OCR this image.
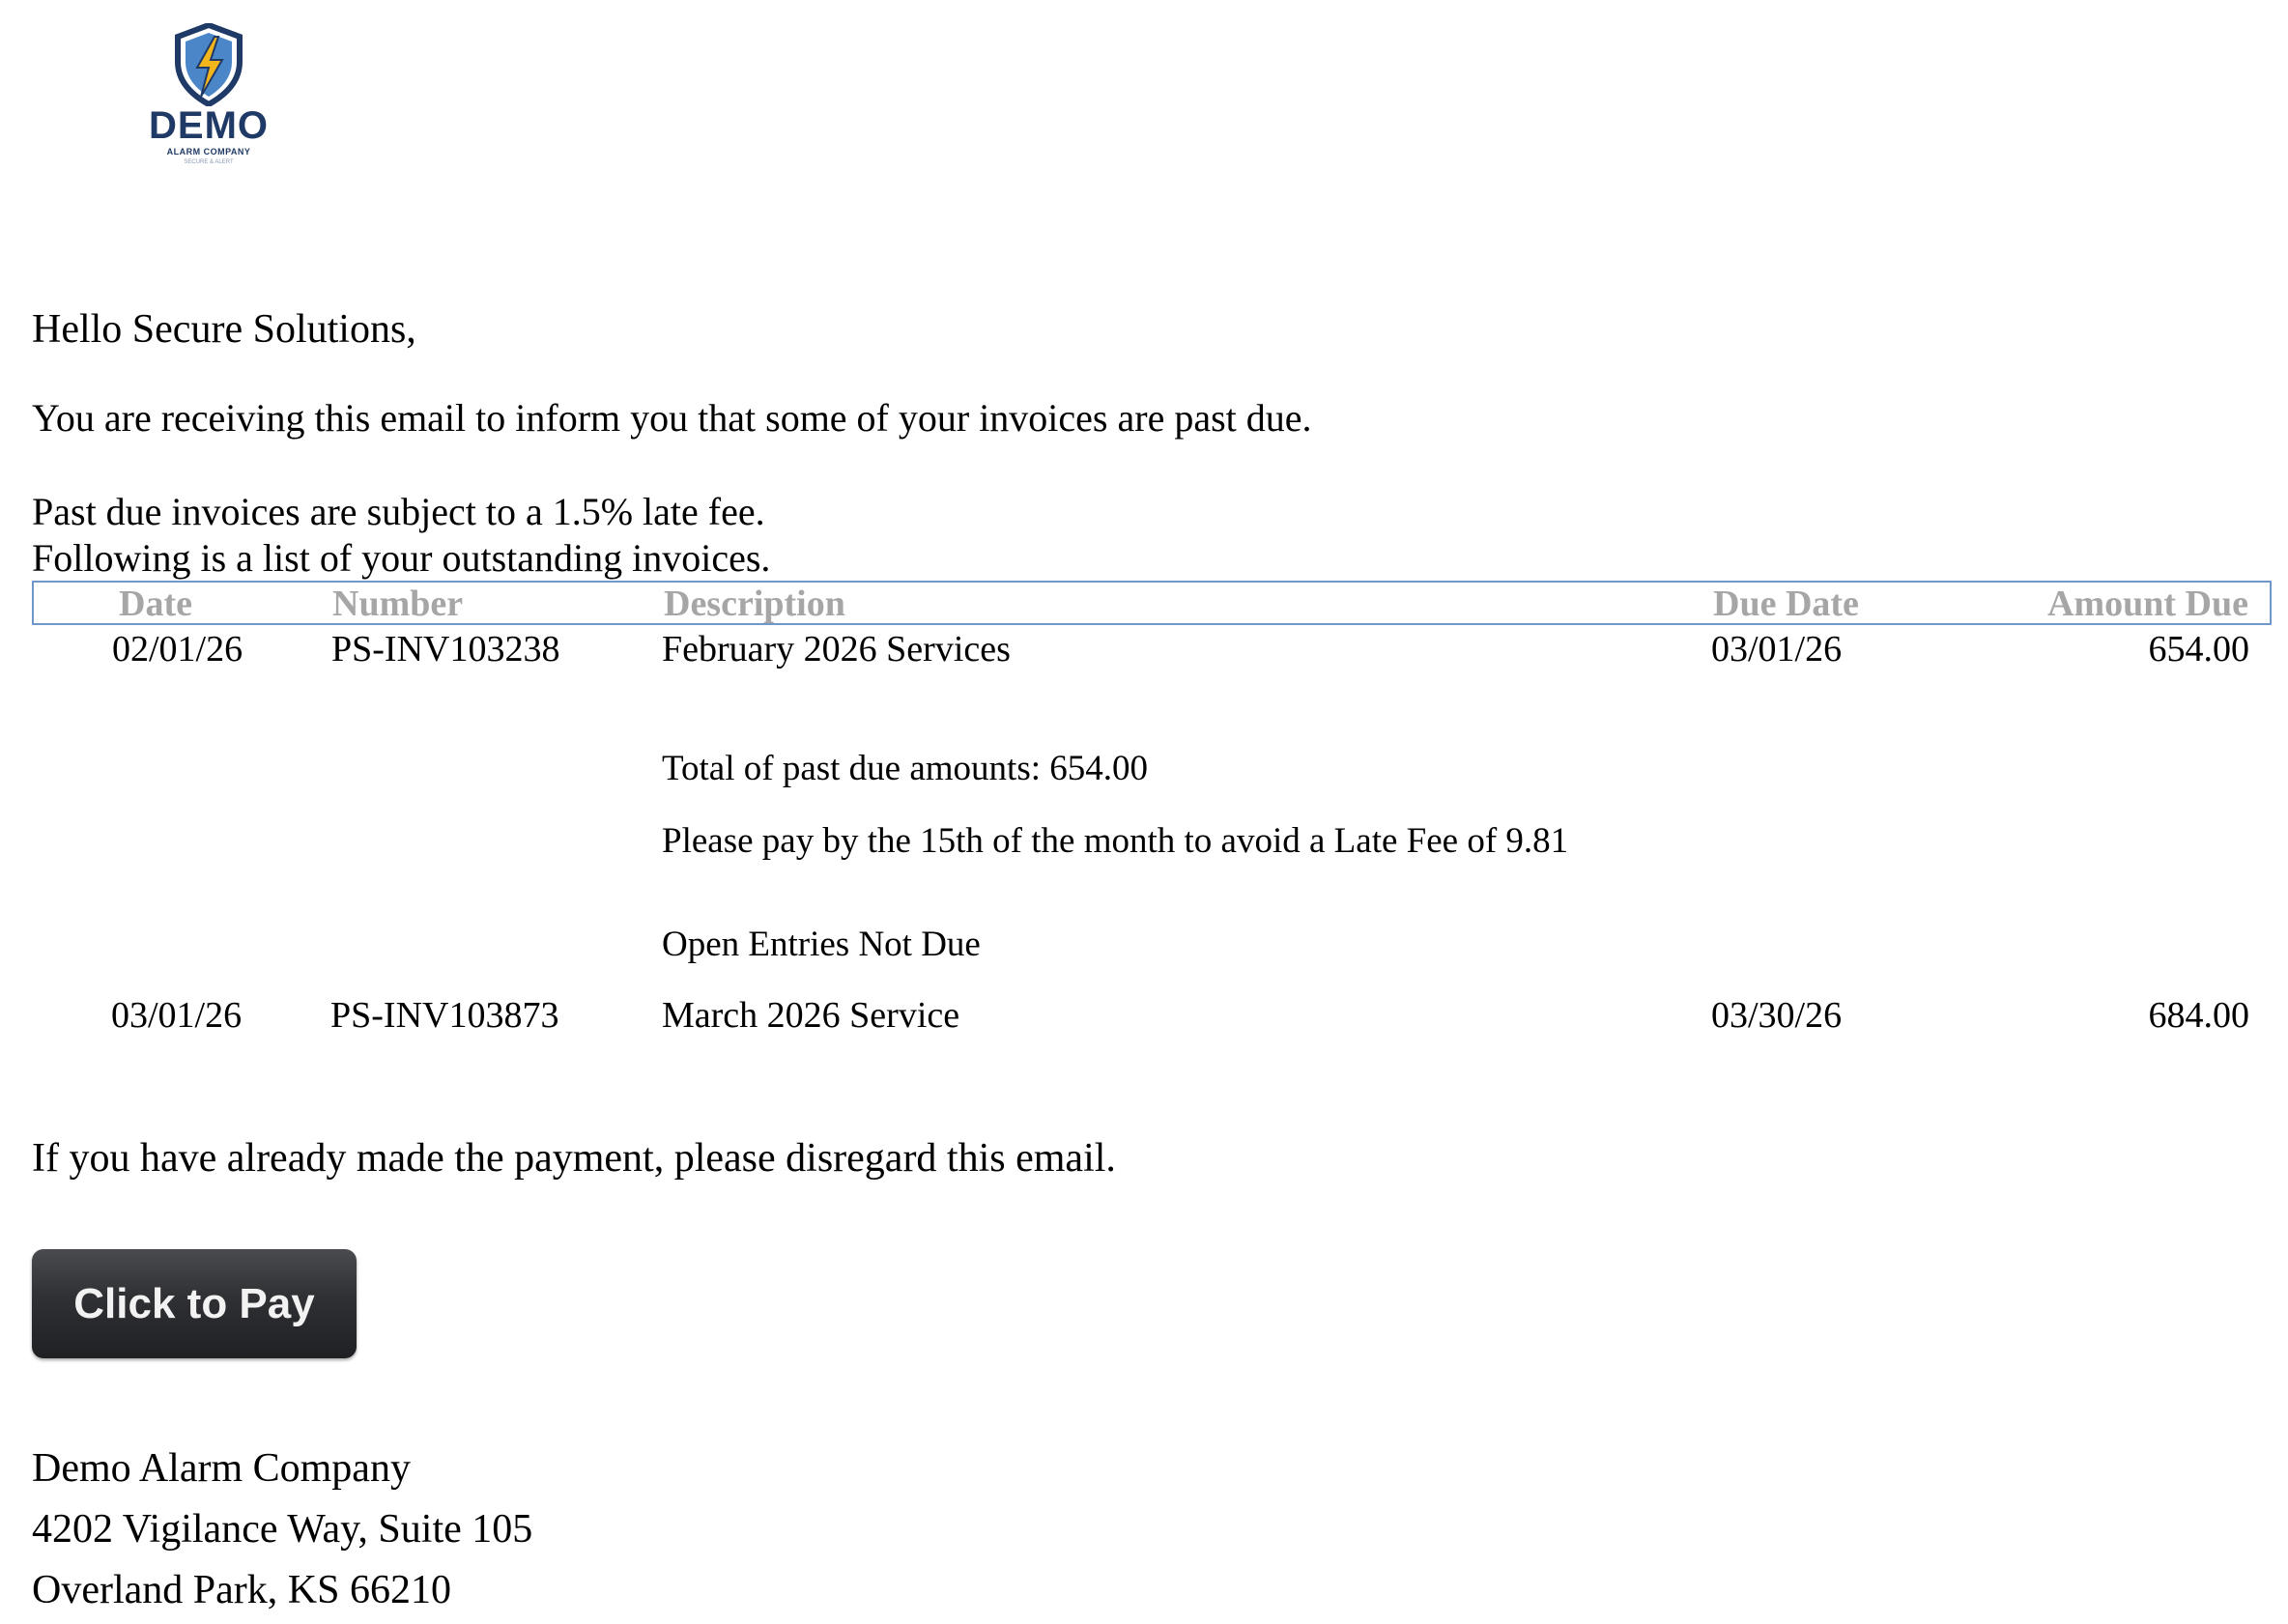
DEMO
ALARM COMPANY
SECURE & ALERT
Hello Secure Solutions,
You are receiving this email to inform you that some of your invoices are past due.
Past due invoices are subject to a 1.5% late fee.
Following is a list of your outstanding invoices.
Date	Number	Description	Due Date	Amount Due
02/01/26 PS-INV103238	February 2026 Services	03/01/26	654.00
Total of past due amounts: 654.00
Please pay by the 15th of the month to avoid a Late Fee of 9.81
Open Entries Not Due
03/01/26 PS-INV103873	March 2026 Service	03/30/26	684.00
If you have already made the payment, please disregard this email.
Click to Pay
Demo Alarm Company
4202 Vigilance Way, Suite 105
Overland Park, KS 66210
